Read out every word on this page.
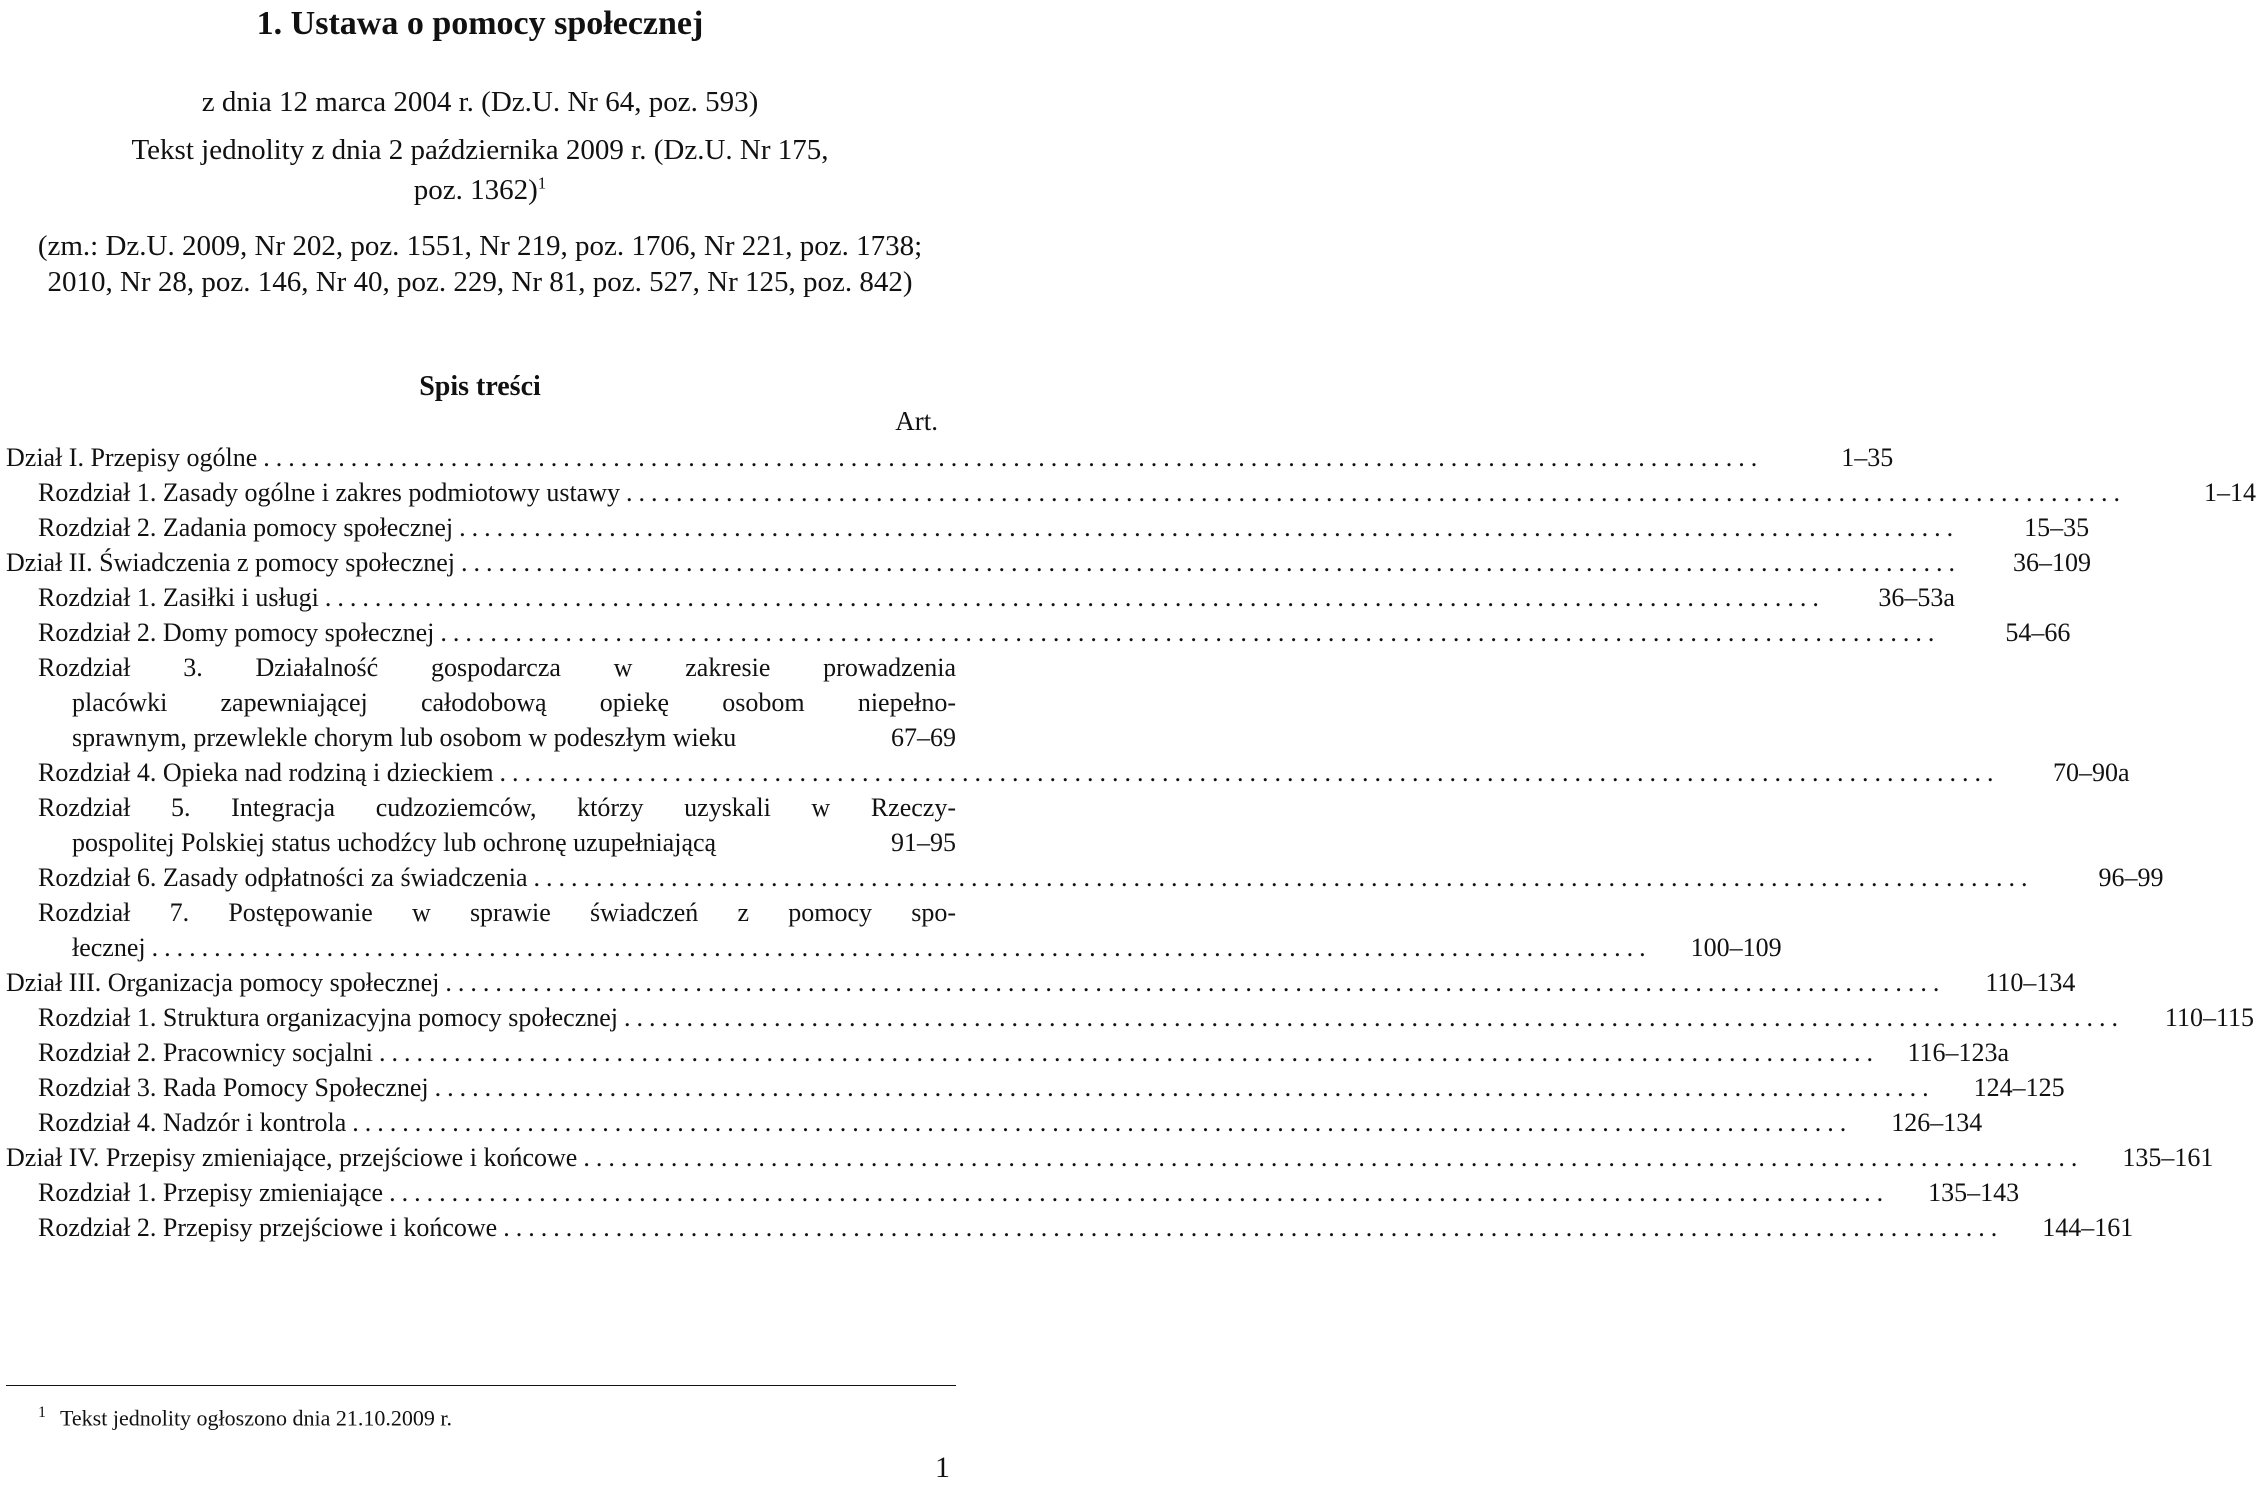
1. Ustawa o pomocy społecznej
z dnia 12 marca 2004 r. (Dz.U. Nr 64, poz. 593)
Tekst jednolity z dnia 2 października 2009 r. (Dz.U. Nr 175,
poz. 1362)$^1$
(zm.: Dz.U. 2009, Nr 202, poz. 1551, Nr 219, poz. 1706, Nr 221, poz. 1738;
2010, Nr 28, poz. 146, Nr 40, poz. 229, Nr 81, poz. 527, Nr 125, poz. 842)
Spis treści
Art.
Dział I. Przepisy ogólne ........................................................................................................................	1–35
Rozdział 1. Zasady ogólne i zakres podmiotowy ustawy ........................................................................................................................	1–14
Rozdział 2. Zadania pomocy społecznej ........................................................................................................................	15–35
Dział II. Świadczenia z pomocy społecznej ........................................................................................................................	36–109
Rozdział 1. Zasiłki i usługi ........................................................................................................................	36–53a
Rozdział 2. Domy pomocy społecznej ........................................................................................................................	54–66
Rozdział 3. Działalność gospodarcza w zakresie prowadzenia
placówki zapewniającej całodobową opiekę osobom niepełno-
sprawnym, przewlekle chorym lub osobom w podeszłym wieku	67–69
Rozdział 4. Opieka nad rodziną i dzieckiem ........................................................................................................................	70–90a
Rozdział 5. Integracja cudzoziemców, którzy uzyskali w Rzeczy-
pospolitej Polskiej status uchodźcy lub ochronę uzupełniającą	91–95
Rozdział 6. Zasady odpłatności za świadczenia ........................................................................................................................	96–99
Rozdział 7. Postępowanie w sprawie świadczeń z pomocy spo-
łecznej ........................................................................................................................	100–109
Dział III. Organizacja pomocy społecznej ........................................................................................................................	110–134
Rozdział 1. Struktura organizacyjna pomocy społecznej ........................................................................................................................	110–115
Rozdział 2. Pracownicy socjalni ........................................................................................................................	116–123a
Rozdział 3. Rada Pomocy Społecznej ........................................................................................................................	124–125
Rozdział 4. Nadzór i kontrola ........................................................................................................................	126–134
Dział IV. Przepisy zmieniające, przejściowe i końcowe ........................................................................................................................	135–161
Rozdział 1. Przepisy zmieniające ........................................................................................................................	135–143
Rozdział 2. Przepisy przejściowe i końcowe ........................................................................................................................	144–161
$^1$ Tekst jednolity ogłoszono dnia 21.10.2009 r.
1
